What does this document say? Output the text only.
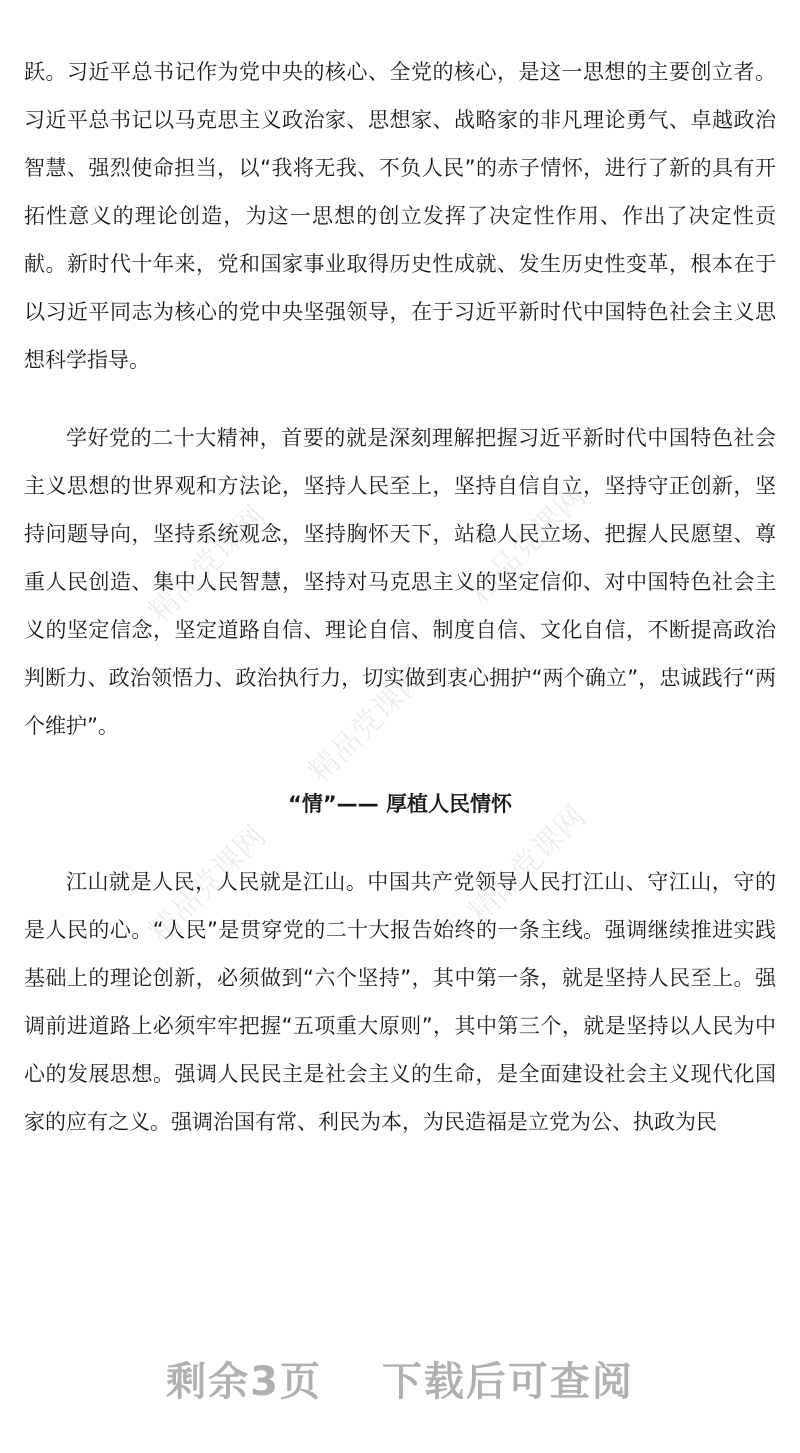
精品党课网	精品党课网
精品党课网
精品党课网	精品党课网

跃。习近平总书记作为党中央的核心、全党的核心，是这一思想的主要创立者。习近平总书记以马克思主义政治家、思想家、战略家的非凡理论勇气、卓越政治智慧、强烈使命担当，以“我将无我、不负人民”的赤子情怀，进行了新的具有开拓性意义的理论创造，为这一思想的创立发挥了决定性作用、作出了决定性贡献。新时代十年来，党和国家事业取得历史性成就、发生历史性变革，根本在于以习近平同志为核心的党中央坚强领导，在于习近平新时代中国特色社会主义思想科学指导。

学好党的二十大精神，首要的就是深刻理解把握习近平新时代中国特色社会主义思想的世界观和方法论，坚持人民至上，坚持自信自立，坚持守正创新，坚持问题导向，坚持系统观念，坚持胸怀天下，站稳人民立场、把握人民愿望、尊重人民创造、集中人民智慧，坚持对马克思主义的坚定信仰、对中国特色社会主义的坚定信念，坚定道路自信、理论自信、制度自信、文化自信，不断提高政治判断力、政治领悟力、政治执行力，切实做到衷心拥护“两个确立”，忠诚践行“两个维护”。

“情”—— 厚植人民情怀

江山就是人民，人民就是江山。中国共产党领导人民打江山、守江山，守的是人民的心。“人民”是贯穿党的二十大报告始终的一条主线。强调继续推进实践基础上的理论创新，必须做到“六个坚持”，其中第一条，就是坚持人民至上。强调前进道路上必须牢牢把握“五项重大原则”，其中第三个，就是坚持以人民为中心的发展思想。强调人民民主是社会主义的生命，是全面建设社会主义现代化国家的应有之义。强调治国有常、利民为本，为民造福是立党为公、执政为民

剩余3页 下载后可查阅
